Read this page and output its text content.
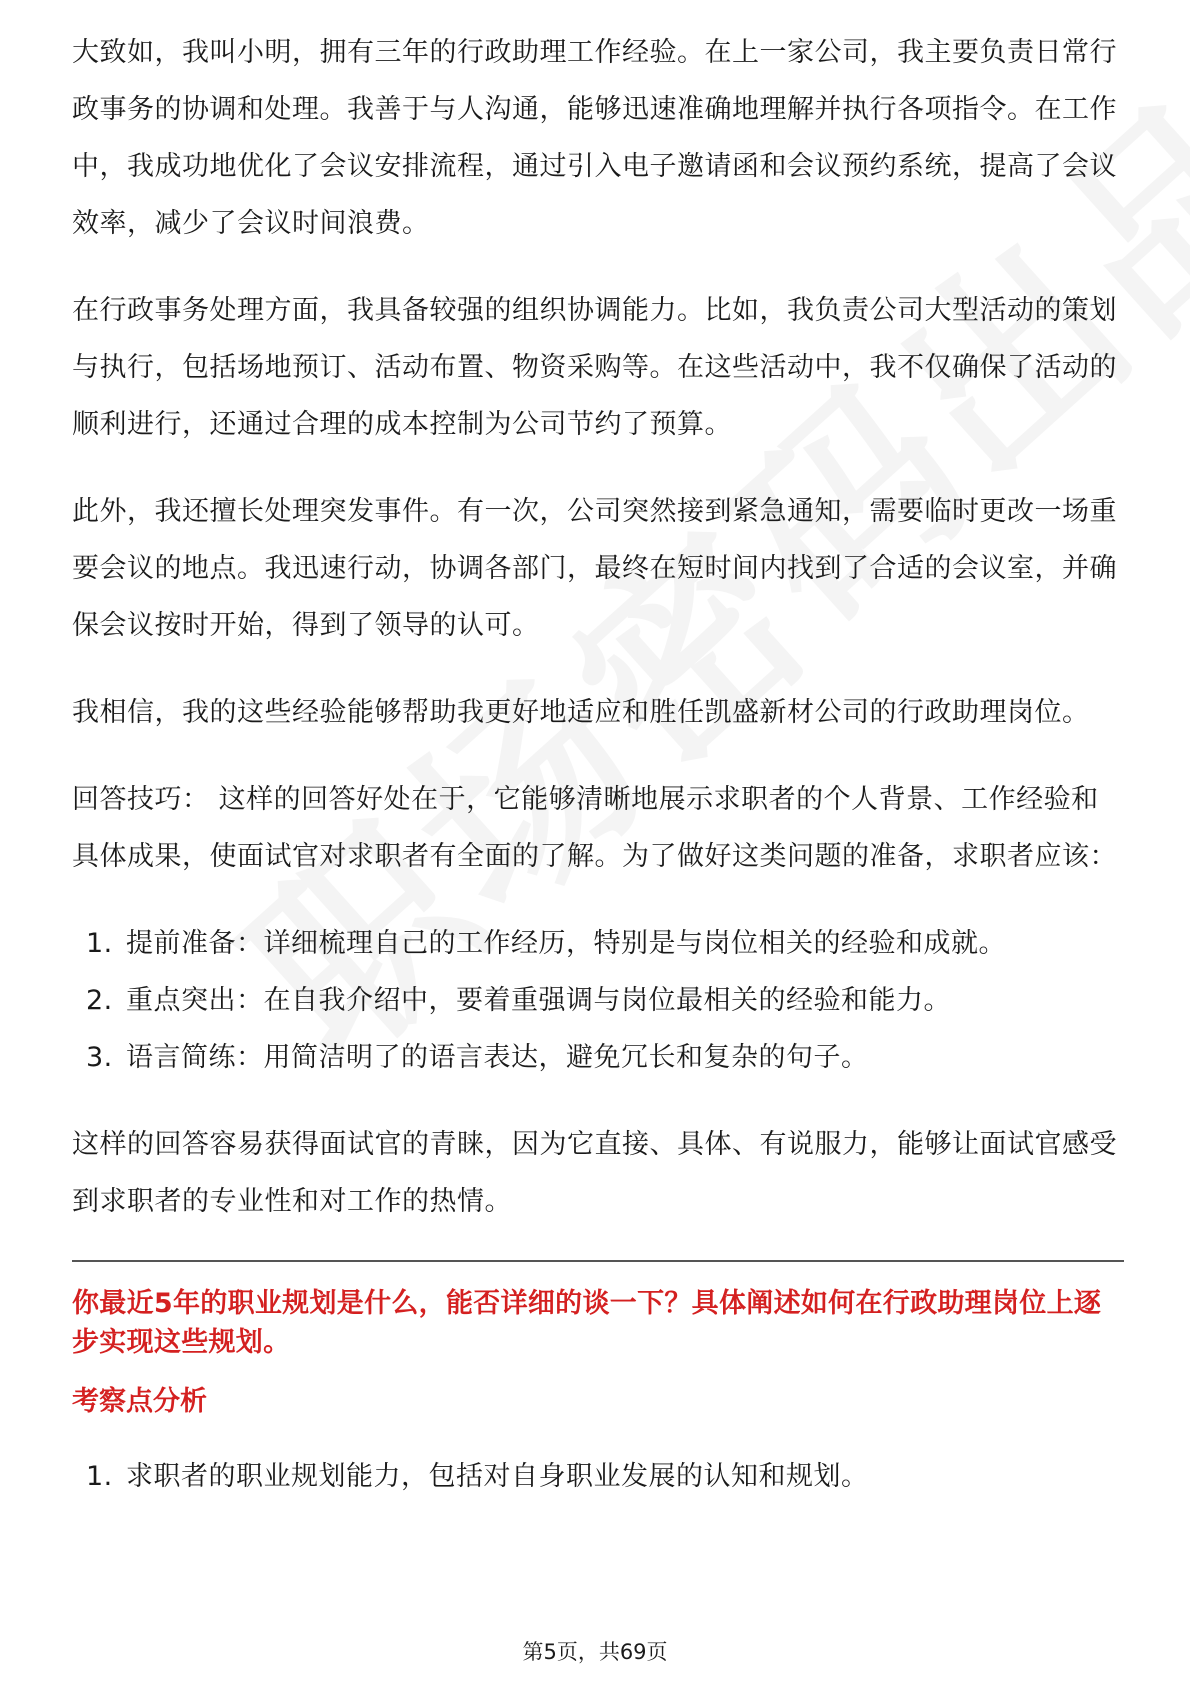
大致如，我叫小明，拥有三年的行政助理工作经验。在上一家公司，我主要负责日常行政事务的协调和处理。我善于与人沟通，能够迅速准确地理解并执行各项指令。在工作中，我成功地优化了会议安排流程，通过引入电子邀请函和会议预约系统，提高了会议效率，减少了会议时间浪费。

在行政事务处理方面，我具备较强的组织协调能力。比如，我负责公司大型活动的策划与执行，包括场地预订、活动布置、物资采购等。在这些活动中，我不仅确保了活动的顺利进行，还通过合理的成本控制为公司节约了预算。

此外，我还擅长处理突发事件。有一次，公司突然接到紧急通知，需要临时更改一场重要会议的地点。我迅速行动，协调各部门，最终在短时间内找到了合适的会议室，并确保会议按时开始，得到了领导的认可。

我相信，我的这些经验能够帮助我更好地适应和胜任凯盛新材公司的行政助理岗位。

回答技巧： 这样的回答好处在于，它能够清晰地展示求职者的个人背景、工作经验和具体成果，使面试官对求职者有全面的了解。为了做好这类问题的准备，求职者应该：

1. 提前准备：详细梳理自己的工作经历，特别是与岗位相关的经验和成就。
2. 重点突出：在自我介绍中，要着重强调与岗位最相关的经验和能力。
3. 语言简练：用简洁明了的语言表达，避免冗长和复杂的句子。

这样的回答容易获得面试官的青睐，因为它直接、具体、有说服力，能够让面试官感受到求职者的专业性和对工作的热情。

你最近5年的职业规划是什么，能否详细的谈一下？具体阐述如何在行政助理岗位上逐步实现这些规划。
考察点分析
1. 求职者的职业规划能力，包括对自身职业发展的认知和规划。
第5页，共69页
